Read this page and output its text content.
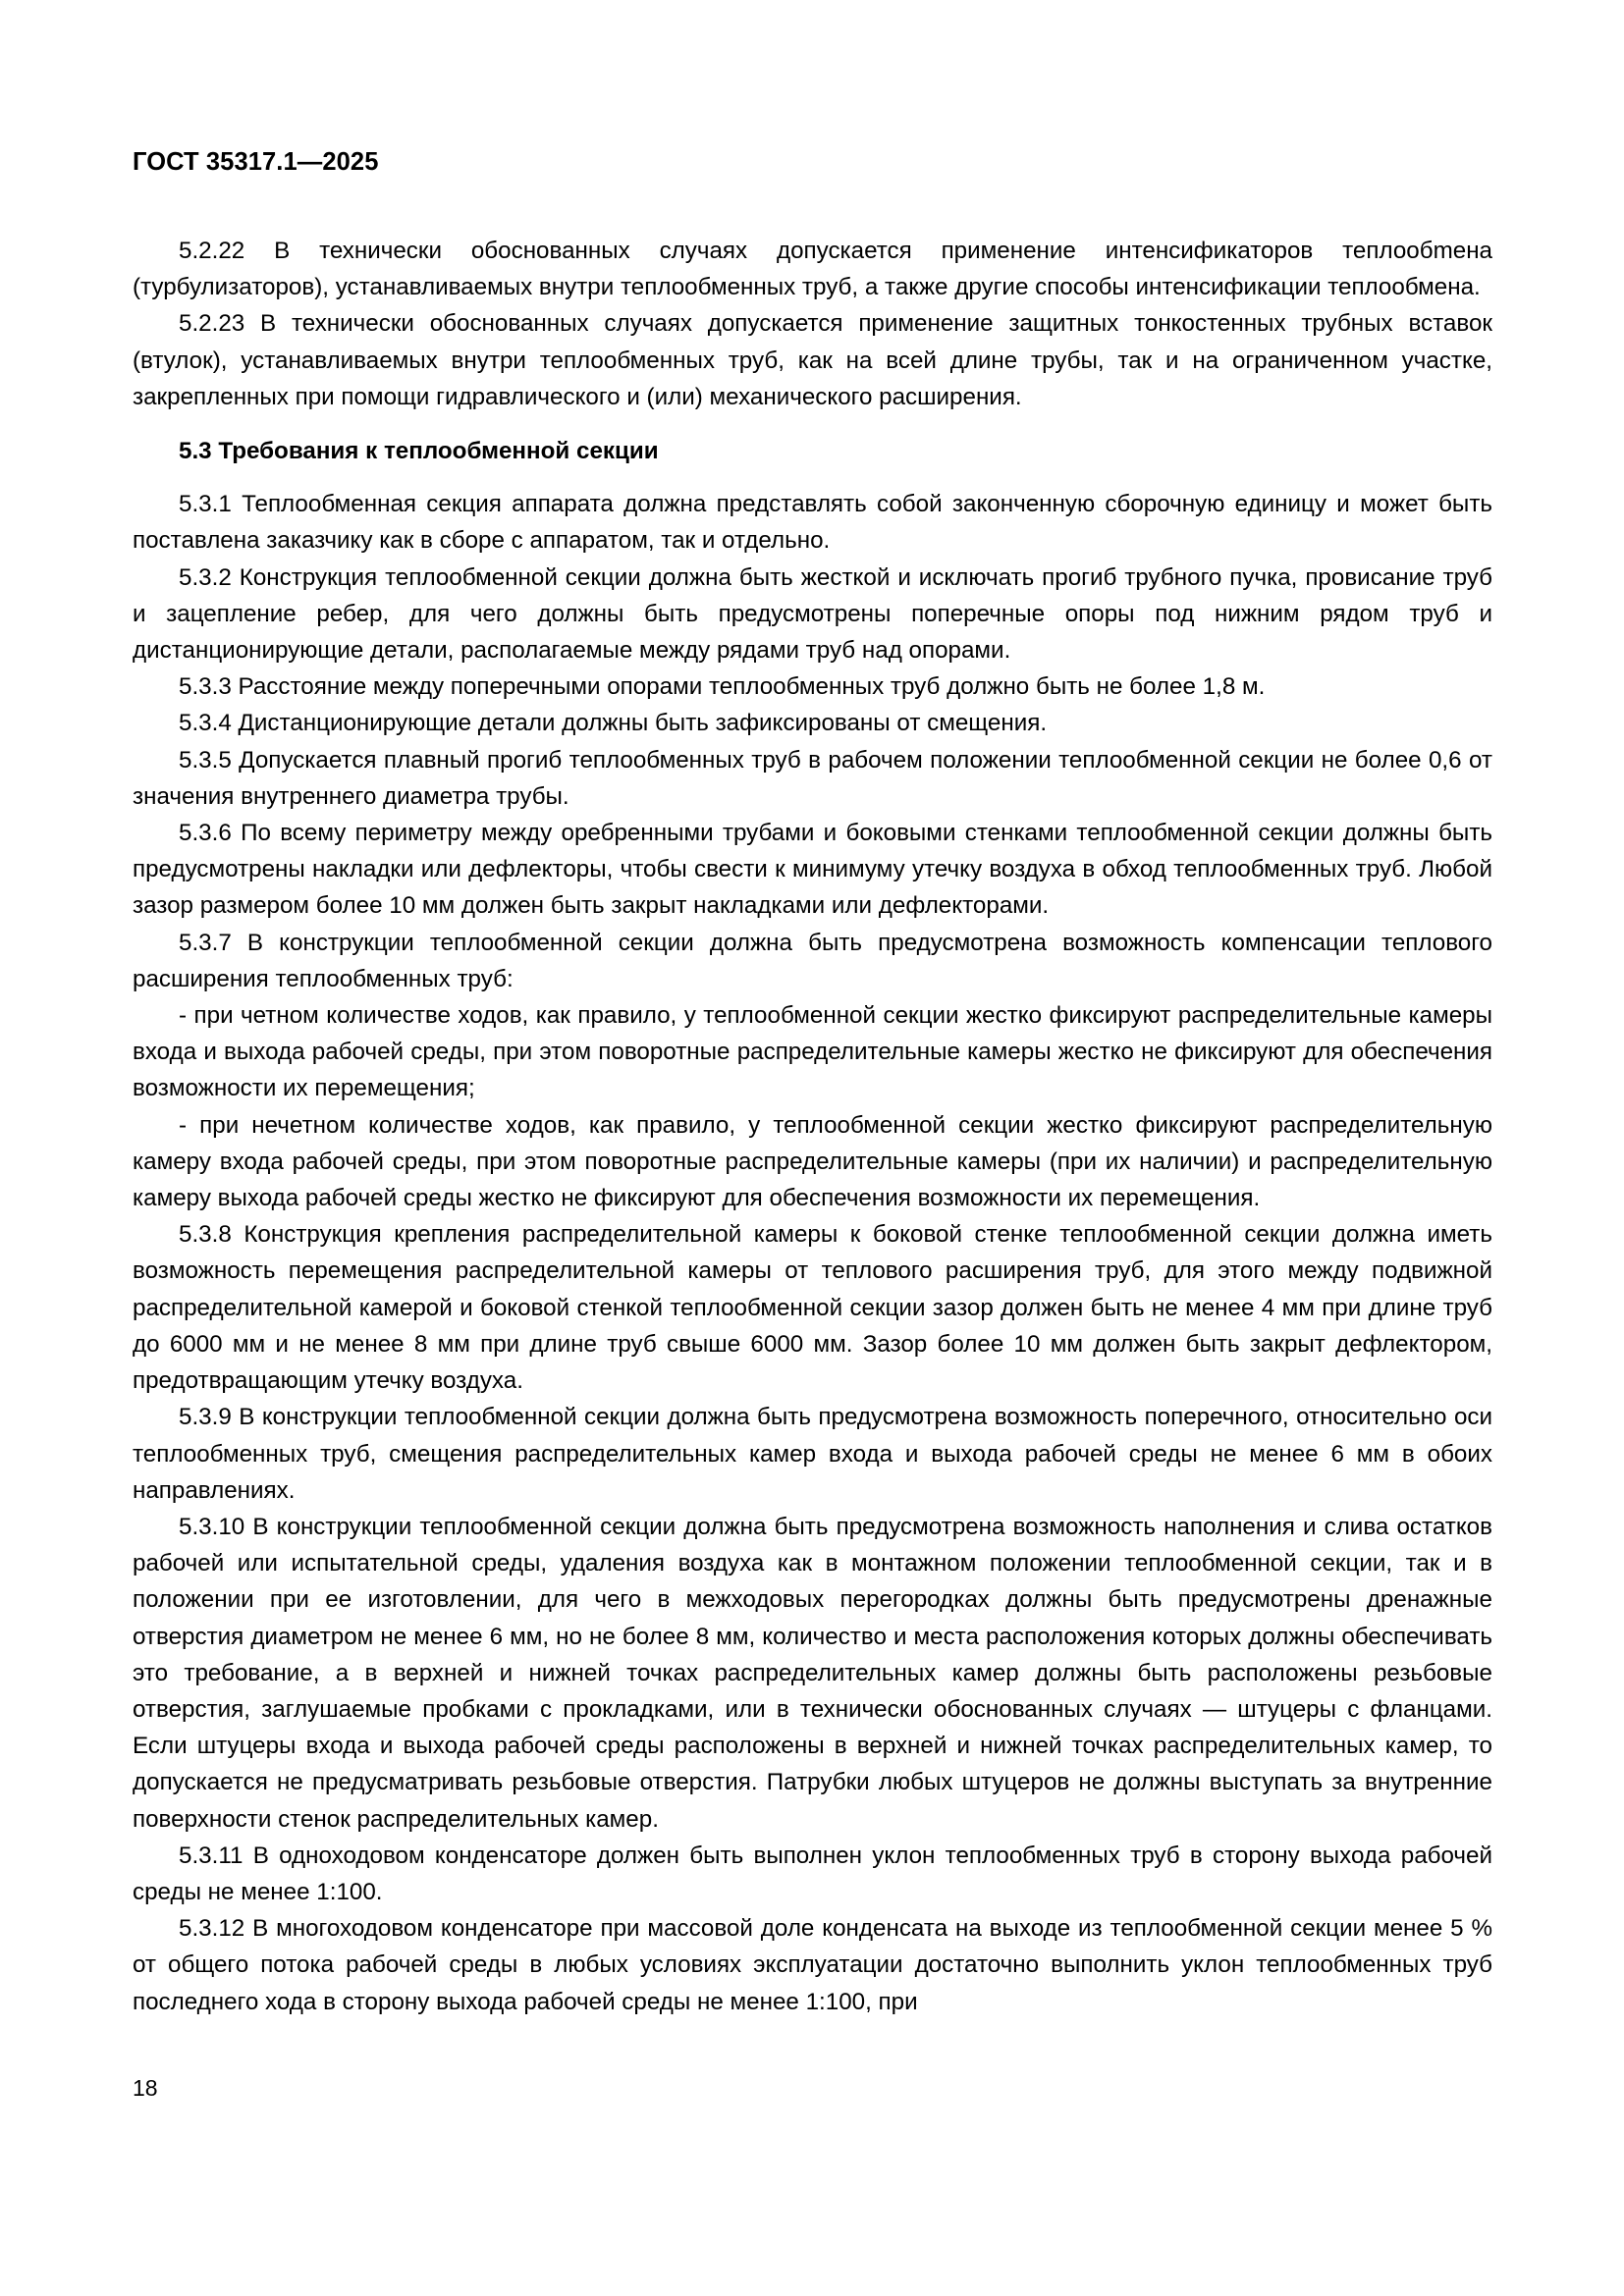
ГОСТ 35317.1—2025

5.2.22 В технически обоснованных случаях допускается применение интенсификаторов теплообmена (турбулизаторов), устанавливаемых внутри теплообменных труб, а также другие способы интенсификации теплообмена.

5.2.23 В технически обоснованных случаях допускается применение защитных тонкостенных трубных вставок (втулок), устанавливаемых внутри теплообменных труб, как на всей длине трубы, так и на ограниченном участке, закрепленных при помощи гидравлического и (или) механического расширения.

5.3 Требования к теплообменной секции

5.3.1 Теплообменная секция аппарата должна представлять собой законченную сборочную единицу и может быть поставлена заказчику как в сборе с аппаратом, так и отдельно.

5.3.2 Конструкция теплообменной секции должна быть жесткой и исключать прогиб трубного пучка, провисание труб и зацепление ребер, для чего должны быть предусмотрены поперечные опоры под нижним рядом труб и дистанционирующие детали, располагаемые между рядами труб над опорами.

5.3.3 Расстояние между поперечными опорами теплообменных труб должно быть не более 1,8 м.

5.3.4 Дистанционирующие детали должны быть зафиксированы от смещения.

5.3.5 Допускается плавный прогиб теплообменных труб в рабочем положении теплообменной секции не более 0,6 от значения внутреннего диаметра трубы.

5.3.6 По всему периметру между оребренными трубами и боковыми стенками теплообменной секции должны быть предусмотрены накладки или дефлекторы, чтобы свести к минимуму утечку воздуха в обход теплообменных труб. Любой зазор размером более 10 мм должен быть закрыт накладками или дефлекторами.

5.3.7 В конструкции теплообменной секции должна быть предусмотрена возможность компенсации теплового расширения теплообменных труб:

- при четном количестве ходов, как правило, у теплообменной секции жестко фиксируют распределительные камеры входа и выхода рабочей среды, при этом поворотные распределительные камеры жестко не фиксируют для обеспечения возможности их перемещения;

- при нечетном количестве ходов, как правило, у теплообменной секции жестко фиксируют распределительную камеру входа рабочей среды, при этом поворотные распределительные камеры (при их наличии) и распределительную камеру выхода рабочей среды жестко не фиксируют для обеспечения возможности их перемещения.

5.3.8 Конструкция крепления распределительной камеры к боковой стенке теплообменной секции должна иметь возможность перемещения распределительной камеры от теплового расширения труб, для этого между подвижной распределительной камерой и боковой стенкой теплообменной секции зазор должен быть не менее 4 мм при длине труб до 6000 мм и не менее 8 мм при длине труб свыше 6000 мм. Зазор более 10 мм должен быть закрыт дефлектором, предотвращающим утечку воздуха.

5.3.9 В конструкции теплообменной секции должна быть предусмотрена возможность поперечного, относительно оси теплообменных труб, смещения распределительных камер входа и выхода рабочей среды не менее 6 мм в обоих направлениях.

5.3.10 В конструкции теплообменной секции должна быть предусмотрена возможность наполнения и слива остатков рабочей или испытательной среды, удаления воздуха как в монтажном положении теплообменной секции, так и в положении при ее изготовлении, для чего в межходовых перегородках должны быть предусмотрены дренажные отверстия диаметром не менее 6 мм, но не более 8 мм, количество и места расположения которых должны обеспечивать это требование, а в верхней и нижней точках распределительных камер должны быть расположены резьбовые отверстия, заглушаемые пробками с прокладками, или в технически обоснованных случаях — штуцеры с фланцами. Если штуцеры входа и выхода рабочей среды расположены в верхней и нижней точках распределительных камер, то допускается не предусматривать резьбовые отверстия. Патрубки любых штуцеров не должны выступать за внутренние поверхности стенок распределительных камер.

5.3.11 В одноходовом конденсаторе должен быть выполнен уклон теплообменных труб в сторону выхода рабочей среды не менее 1:100.

5.3.12 В многоходовом конденсаторе при массовой доле конденсата на выходе из теплообменной секции менее 5 % от общего потока рабочей среды в любых условиях эксплуатации достаточно выполнить уклон теплообменных труб последнего хода в сторону выхода рабочей среды не менее 1:100, при

18
